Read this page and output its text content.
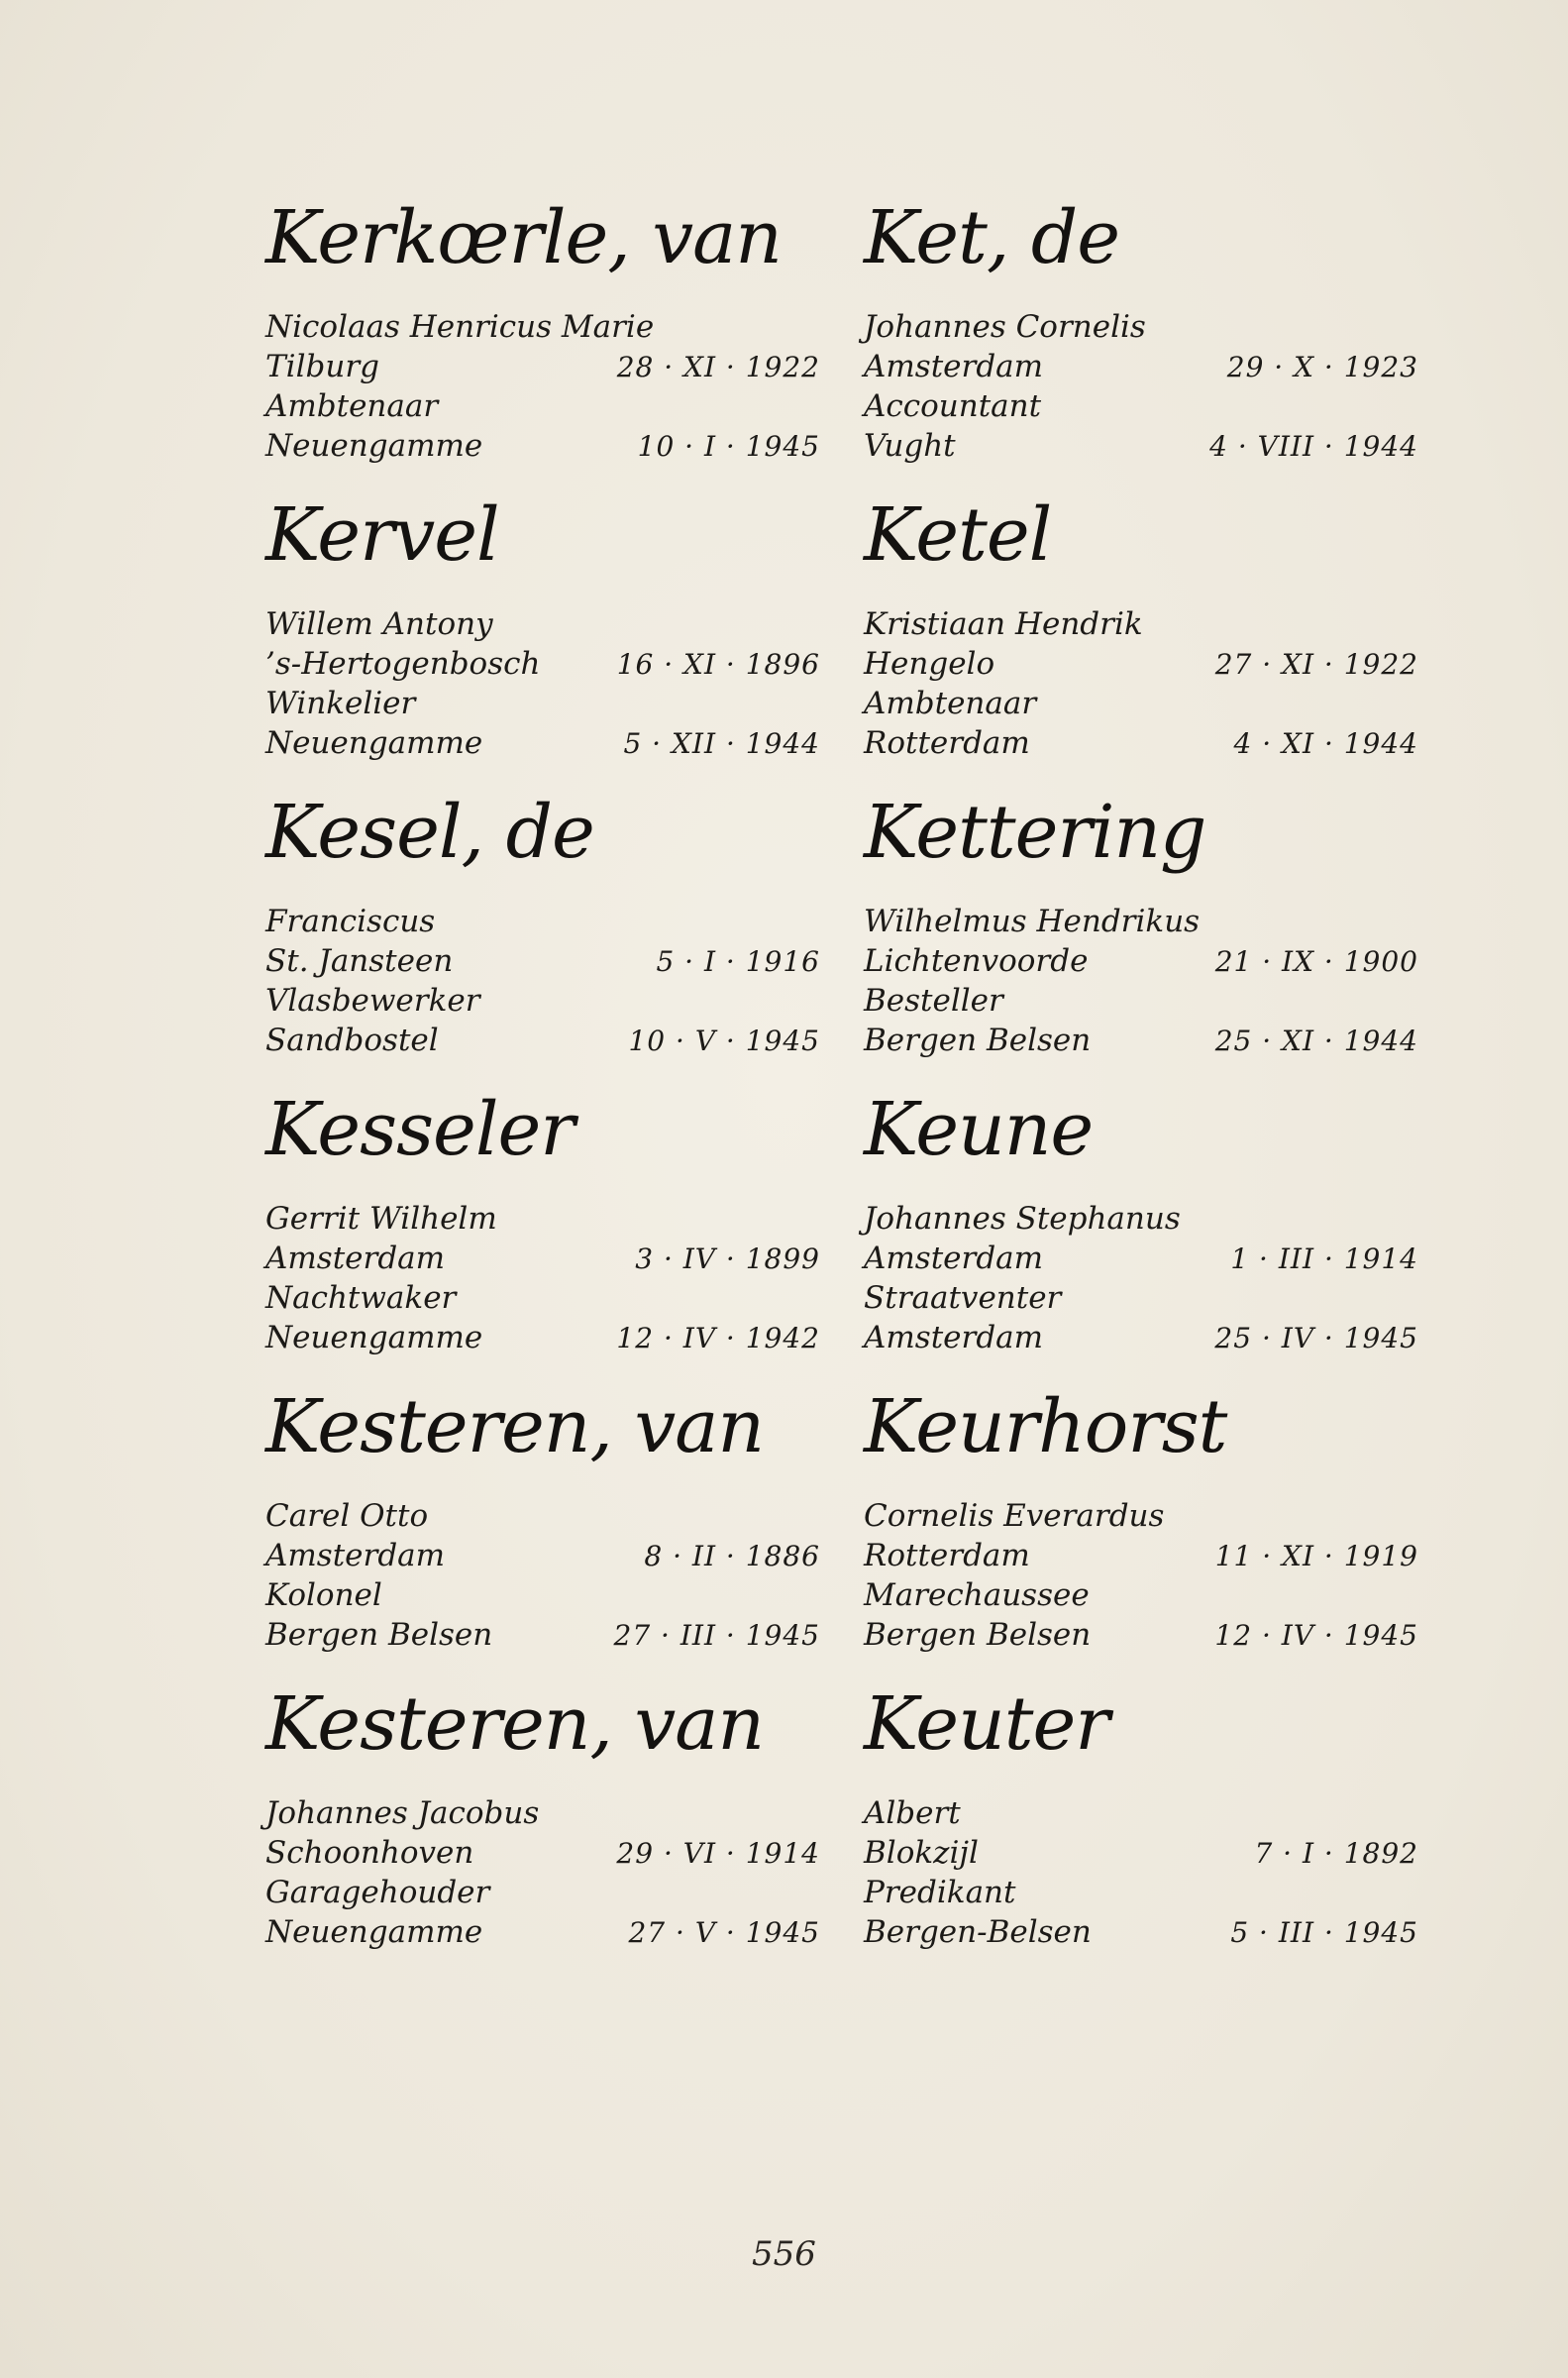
Kerkœrle, van
Nicolaas Henricus Marie
Tilburg	28 · XI · 1922
Ambtenaar
Neuengamme	10 · I · 1945
Kervel
Willem Antony
’s-Hertogenbosch	16 · XI · 1896
Winkelier
Neuengamme	5 · XII · 1944
Kesel, de
Franciscus
St. Jansteen	5 · I · 1916
Vlasbewerker
Sandbostel	10 · V · 1945
Kesseler
Gerrit Wilhelm
Amsterdam	3 · IV · 1899
Nachtwaker
Neuengamme	12 · IV · 1942
Kesteren, van
Carel Otto
Amsterdam	8 · II · 1886
Kolonel
Bergen Belsen	27 · III · 1945
Kesteren, van
Johannes Jacobus
Schoonhoven	29 · VI · 1914
Garagehouder
Neuengamme	27 · V · 1945
Ket, de
Johannes Cornelis
Amsterdam	29 · X · 1923
Accountant
Vught	4 · VIII · 1944
Ketel
Kristiaan Hendrik
Hengelo	27 · XI · 1922
Ambtenaar
Rotterdam	4 · XI · 1944
Kettering
Wilhelmus Hendrikus
Lichtenvoorde	21 · IX · 1900
Besteller
Bergen Belsen	25 · XI · 1944
Keune
Johannes Stephanus
Amsterdam	1 · III · 1914
Straatventer
Amsterdam	25 · IV · 1945
Keurhorst
Cornelis Everardus
Rotterdam	11 · XI · 1919
Marechaussee
Bergen Belsen	12 · IV · 1945
Keuter
Albert
Blokzijl	7 · I · 1892
Predikant
Bergen-Belsen	5 · III · 1945
556
